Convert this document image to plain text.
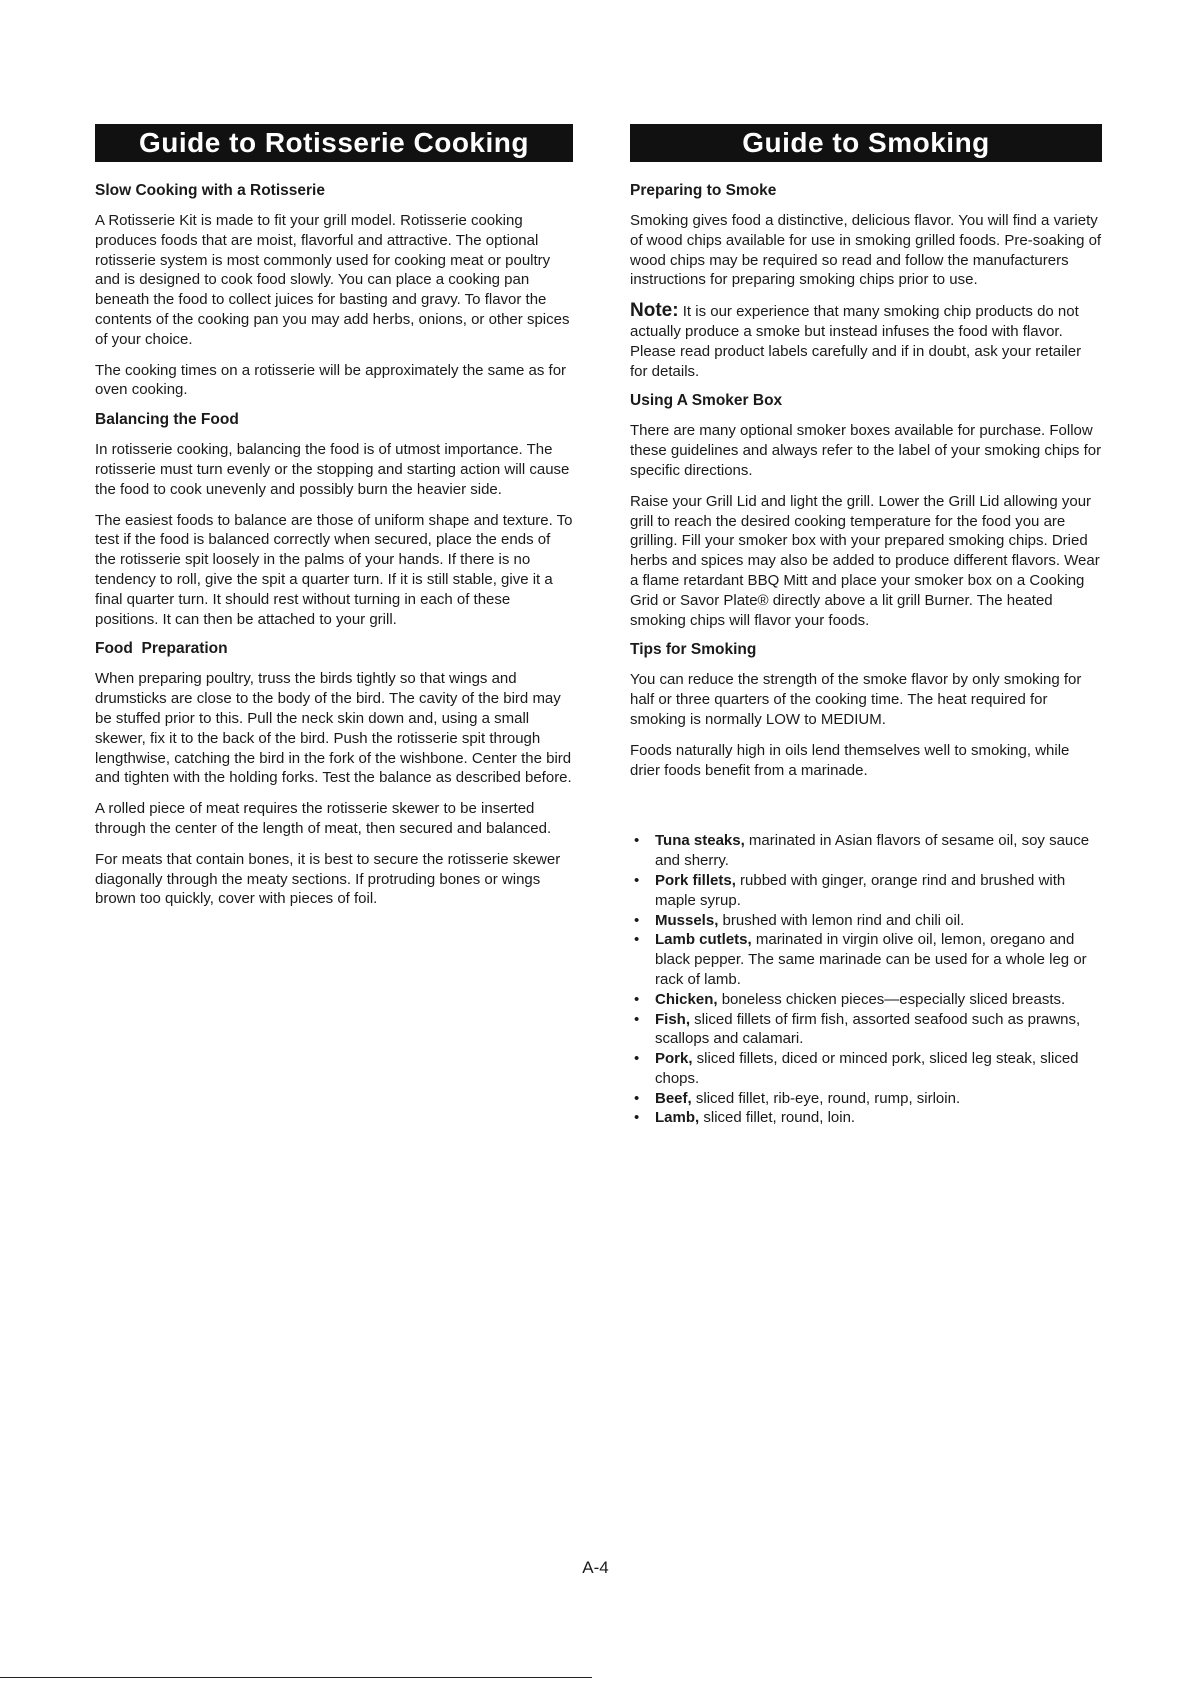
Guide to Rotisserie Cooking
Slow Cooking with a Rotisserie

A Rotisserie Kit is made to fit your grill model. Rotisserie cooking produces foods that are moist, flavorful and attractive. The optional rotisserie system is most commonly used for cooking meat or poultry and is designed to cook food slowly. You can place a cooking pan beneath the food to collect juices for basting and gravy. To flavor the contents of the cooking pan you may add herbs, onions, or other spices of your choice.

The cooking times on a rotisserie will be approximately the same as for oven cooking.

Balancing the Food

In rotisserie cooking, balancing the food is of utmost importance. The rotisserie must turn evenly or the stopping and starting action will cause the food to cook unevenly and possibly burn the heavier side.

The easiest foods to balance are those of uniform shape and texture. To test if the food is balanced correctly when secured, place the ends of the rotisserie spit loosely in the palms of your hands. If there is no tendency to roll, give the spit a quarter turn. If it is still stable, give it a final quarter turn. It should rest without turning in each of these positions. It can then be attached to your grill.

Food  Preparation

When preparing poultry, truss the birds tightly so that wings and drumsticks are close to the body of the bird. The cavity of the bird may be stuffed prior to this. Pull the neck skin down and, using a small skewer, fix it to the back of the bird. Push the rotisserie spit through lengthwise, catching the bird in the fork of the wishbone. Center the bird and tighten with the holding forks. Test the balance as described before.

A rolled piece of meat requires the rotisserie skewer to be inserted through the center of the length of meat, then secured and balanced.

For meats that contain bones, it is best to secure the rotisserie skewer diagonally through the meaty sections. If protruding bones or wings brown too quickly, cover with pieces of foil.

Guide to Smoking
Preparing to Smoke

Smoking gives food a distinctive, delicious flavor. You will find a variety of wood chips available for use in smoking grilled foods. Pre-soaking of wood chips may be required so read and follow the manufacturers instructions for preparing smoking chips prior to use.

Note: It is our experience that many smoking chip products do not actually produce a smoke but instead infuses the food with flavor. Please read product labels carefully and if in doubt, ask your retailer for details.

Using A Smoker Box

There are many optional smoker boxes available for purchase. Follow these guidelines and always refer to the label of your smoking chips for specific directions.

Raise your Grill Lid and light the grill. Lower the Grill Lid allowing your grill to reach the desired cooking temperature for the food you are grilling. Fill your smoker box with your prepared smoking chips. Dried herbs and spices may also be added to produce different flavors. Wear a flame retardant BBQ Mitt and place your smoker box on a Cooking Grid or Savor Plate® directly above a lit grill Burner. The heated smoking chips will flavor your foods.

Tips for Smoking

You can reduce the strength of the smoke flavor by only smoking for half or three quarters of the cooking time. The heat required for smoking is normally LOW to MEDIUM.

Foods naturally high in oils lend themselves well to smoking, while drier foods benefit from a marinade.

• Tuna steaks, marinated in Asian flavors of sesame oil, soy sauce and sherry.
• Pork fillets, rubbed with ginger, orange rind and brushed with maple syrup.
• Mussels, brushed with lemon rind and chili oil.
• Lamb cutlets, marinated in virgin olive oil, lemon, oregano and black pepper. The same marinade can be used for a whole leg or rack of lamb.
• Chicken, boneless chicken pieces—especially sliced breasts.
• Fish, sliced fillets of firm fish, assorted seafood such as prawns, scallops and calamari.
• Pork, sliced fillets, diced or minced pork, sliced leg steak, sliced chops.
• Beef, sliced fillet, rib-eye, round, rump, sirloin.
• Lamb, sliced fillet, round, loin.
A-4
